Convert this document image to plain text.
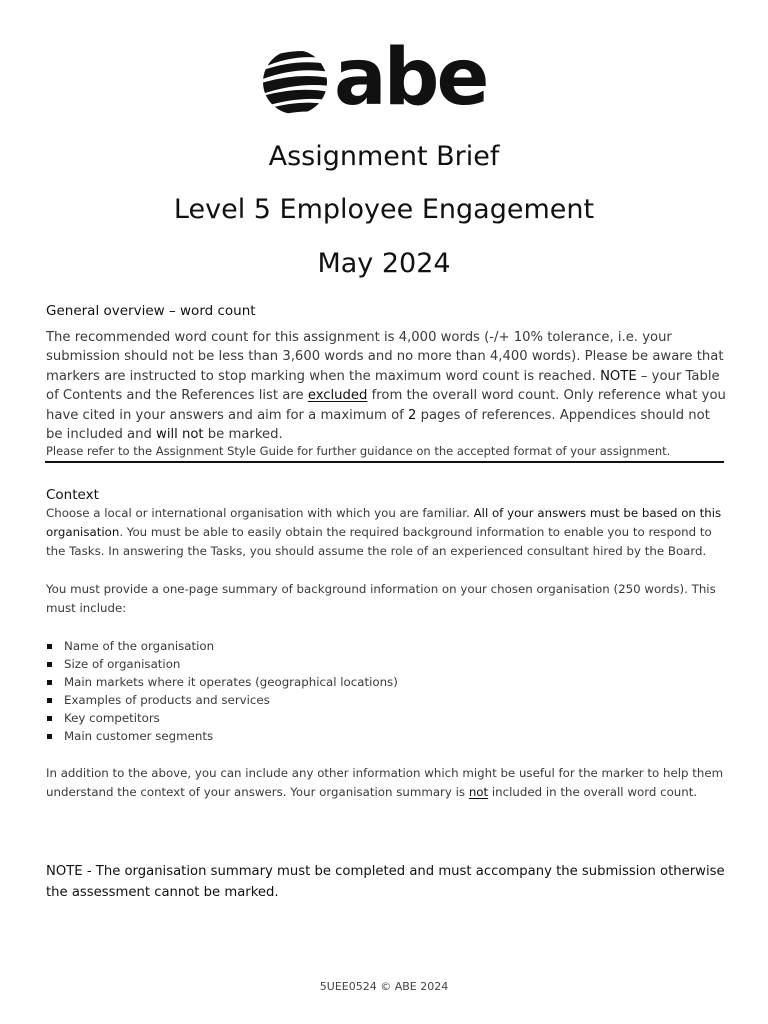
abe
Assignment Brief
Level 5 Employee Engagement
May 2024
General overview – word count
The recommended word count for this assignment is 4,000 words (-/+ 10% tolerance, i.e. your submission should not be less than 3,600 words and no more than 4,400 words). Please be aware that markers are instructed to stop marking when the maximum word count is reached. NOTE – your Table of Contents and the References list are excluded from the overall word count. Only reference what you have cited in your answers and aim for a maximum of 2 pages of references. Appendices should not be included and will not be marked.
Please refer to the Assignment Style Guide for further guidance on the accepted format of your assignment.
Context
Choose a local or international organisation with which you are familiar. All of your answers must be based on this organisation. You must be able to easily obtain the required background information to enable you to respond to the Tasks. In answering the Tasks, you should assume the role of an experienced consultant hired by the Board.
You must provide a one-page summary of background information on your chosen organisation (250 words). This must include:
Name of the organisation
Size of organisation
Main markets where it operates (geographical locations)
Examples of products and services
Key competitors
Main customer segments
In addition to the above, you can include any other information which might be useful for the marker to help them understand the context of your answers. Your organisation summary is not included in the overall word count.
NOTE - The organisation summary must be completed and must accompany the submission otherwise the assessment cannot be marked.
5UEE0524 © ABE 2024
